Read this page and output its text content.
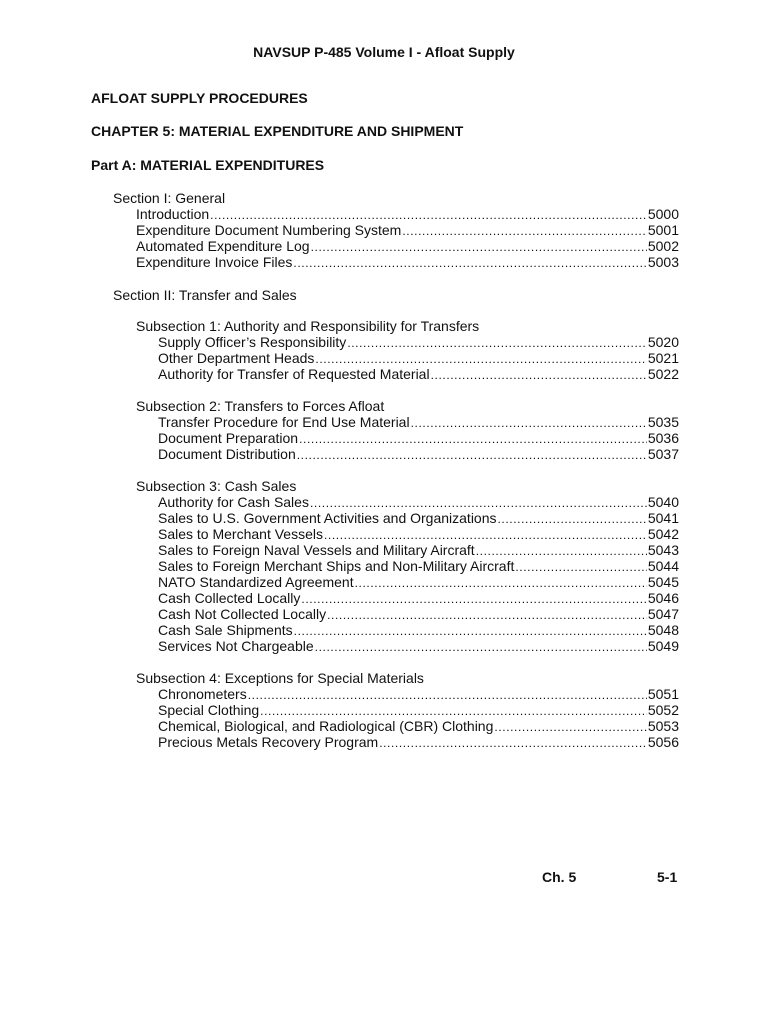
NAVSUP P-485 Volume I - Afloat Supply
AFLOAT SUPPLY PROCEDURES
CHAPTER 5: MATERIAL EXPENDITURE AND SHIPMENT
Part A: MATERIAL EXPENDITURES
Section I: General
Introduction .....	5000
Expenditure Document Numbering System .....	5001
Automated Expenditure Log .....	5002
Expenditure Invoice Files .....	5003
Section II: Transfer and Sales
Subsection 1: Authority and Responsibility for Transfers
Supply Officer’s Responsibility .....	5020
Other Department Heads .....	5021
Authority for Transfer of Requested Material .....	5022
Subsection 2: Transfers to Forces Afloat
Transfer Procedure for End Use Material .....	5035
Document Preparation .....	5036
Document Distribution .....	5037
Subsection 3: Cash Sales
Authority for Cash Sales .....	5040
Sales to U.S. Government Activities and Organizations .....	5041
Sales to Merchant Vessels .....	5042
Sales to Foreign Naval Vessels and Military Aircraft .....	5043
Sales to Foreign Merchant Ships and Non-Military Aircraft .....	5044
NATO Standardized Agreement .....	5045
Cash Collected Locally .....	5046
Cash Not Collected Locally .....	5047
Cash Sale Shipments .....	5048
Services Not Chargeable .....	5049
Subsection 4: Exceptions for Special Materials
Chronometers .....	5051
Special Clothing .....	5052
Chemical, Biological, and Radiological (CBR) Clothing .....	5053
Precious Metals Recovery Program .....	5056
Ch. 5	5-1
